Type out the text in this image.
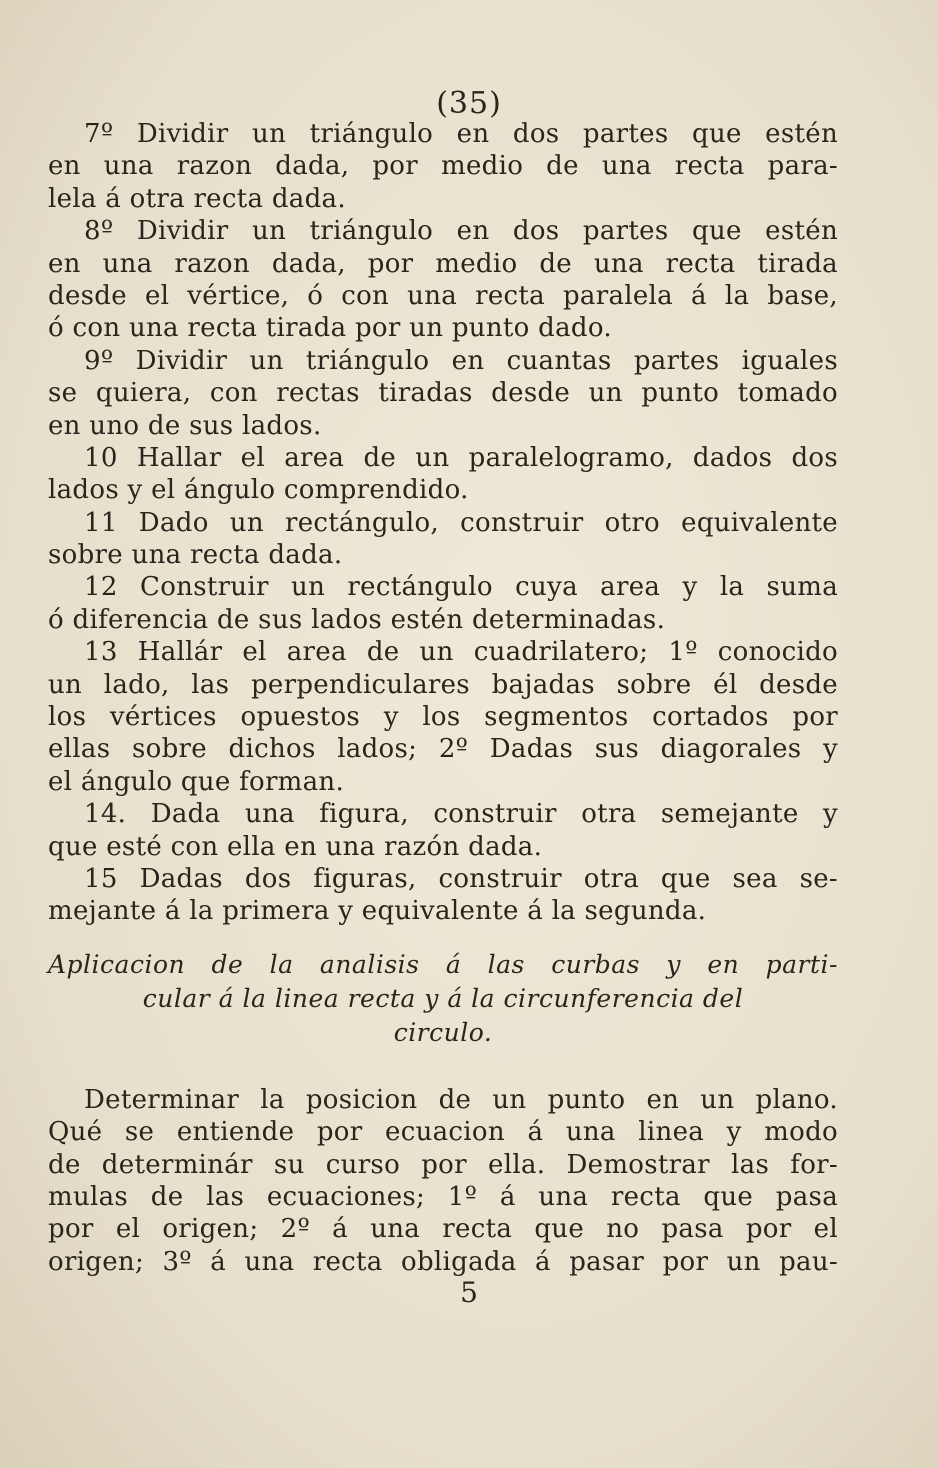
(35)
7º Dividir un triángulo en dos partes que estén
en una razon dada, por medio de una recta para-
lela á otra recta dada.
8º Dividir un triángulo en dos partes que estén
en una razon dada, por medio de una recta tirada
desde el vértice, ó con una recta paralela á la base,
ó con una recta tirada por un punto dado.
9º Dividir un triángulo en cuantas partes iguales
se quiera, con rectas tiradas desde un punto tomado
en uno de sus lados.
10 Hallar el area de un paralelogramo, dados dos
lados y el ángulo comprendido.
11 Dado un rectángulo, construir otro equivalente
sobre una recta dada.
12 Construir un rectángulo cuya area y la suma
ó diferencia de sus lados estén determinadas.
13 Hallár el area de un cuadrilatero; 1º conocido
un lado, las perpendiculares bajadas sobre él desde
los vértices opuestos y los segmentos cortados por
ellas sobre dichos lados; 2º Dadas sus diagorales y
el ángulo que forman.
14. Dada una figura, construir otra semejante y
que esté con ella en una razón dada.
15 Dadas dos figuras, construir otra que sea se-
mejante á la primera y equivalente á la segunda.
Aplicacion de la analisis á las curbas y en parti-
cular á la linea recta y á la circunferencia del
circulo.
Determinar la posicion de un punto en un plano.
Qué se entiende por ecuacion á una linea y modo
de determinár su curso por ella. Demostrar las for-
mulas de las ecuaciones; 1º á una recta que pasa
por el origen; 2º á una recta que no pasa por el
origen; 3º á una recta obligada á pasar por un pau-
5
